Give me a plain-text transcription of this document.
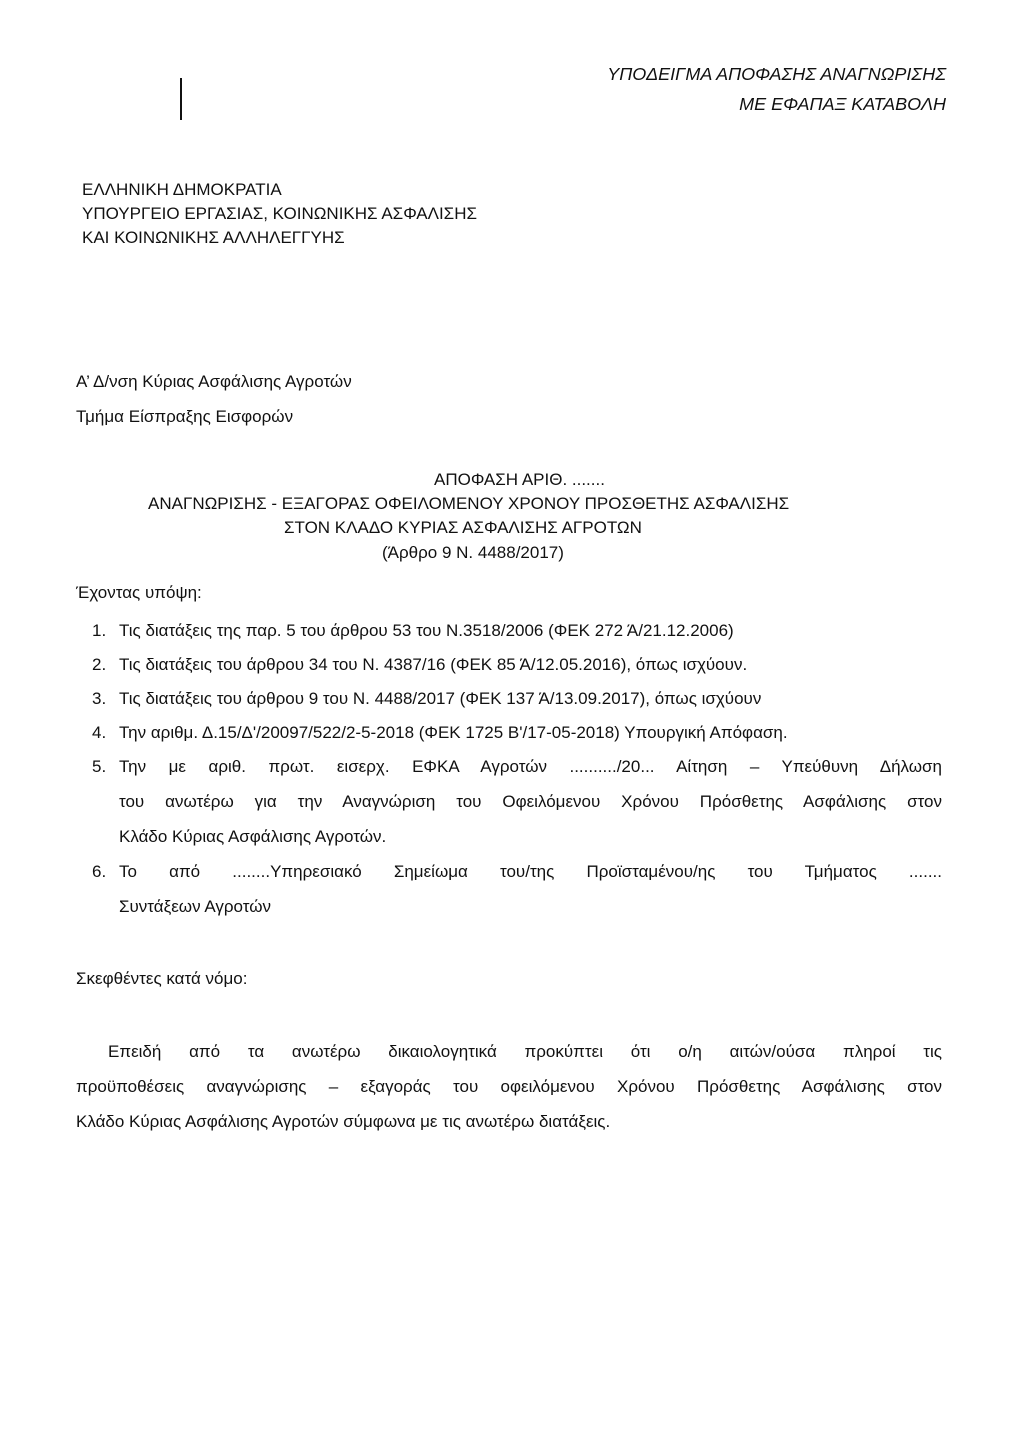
ΥΠΟΔΕΙΓΜΑ ΑΠΟΦΑΣΗΣ ΑΝΑΓΝΩΡΙΣΗΣ
ΜΕ ΕΦΑΠΑΞ ΚΑΤΑΒΟΛΗ
ΕΛΛΗΝΙΚΗ ΔΗΜΟΚΡΑΤΙΑ
ΥΠΟΥΡΓΕΙΟ ΕΡΓΑΣΙΑΣ, ΚΟΙΝΩΝΙΚΗΣ ΑΣΦΑΛΙΣΗΣ
ΚΑΙ ΚΟΙΝΩΝΙΚΗΣ ΑΛΛΗΛΕΓΓΥΗΣ
Α’ Δ/νση Κύριας Ασφάλισης Αγροτών
Τμήμα Είσπραξης Εισφορών
ΑΠΟΦΑΣΗ ΑΡΙΘ. .......
ΑΝΑΓΝΩΡΙΣΗΣ - ΕΞΑΓΟΡΑΣ ΟΦΕΙΛΟΜΕΝΟΥ ΧΡΟΝΟΥ ΠΡΟΣΘΕΤΗΣ ΑΣΦΑΛΙΣΗΣ
ΣΤΟΝ ΚΛΑΔΟ ΚΥΡΙΑΣ ΑΣΦΑΛΙΣΗΣ ΑΓΡΟΤΩΝ
(Άρθρο 9 Ν. 4488/2017)
Έχοντας υπόψη:
1. Τις διατάξεις της παρ. 5 του άρθρου 53 του Ν.3518/2006 (ΦΕΚ 272 Ά/21.12.2006)
2. Τις διατάξεις του άρθρου 34 του Ν. 4387/16 (ΦΕΚ 85 Ά/12.05.2016), όπως ισχύουν.
3. Τις διατάξεις του άρθρου 9 του Ν. 4488/2017 (ΦΕΚ 137 Ά/13.09.2017), όπως ισχύουν
4. Την αριθμ. Δ.15/Δ'/20097/522/2-5-2018 (ΦΕΚ 1725 Β'/17-05-2018) Υπουργική Απόφαση.
5. Την με αριθ. πρωτ. εισερχ. ΕΦΚΑ Αγροτών ........../20... Αίτηση – Υπεύθυνη Δήλωση
του ανωτέρω για την Αναγνώριση του Οφειλόμενου Χρόνου Πρόσθετης Ασφάλισης στον
Κλάδο Κύριας Ασφάλισης Αγροτών.
6. Το από ........Υπηρεσιακό Σημείωμα του/της Προϊσταμένου/ης του Τμήματος .......
Συντάξεων Αγροτών
Σκεφθέντες κατά νόμο:
Επειδή από τα ανωτέρω δικαιολογητικά προκύπτει ότι ο/η αιτών/ούσα πληροί τις
προϋποθέσεις αναγνώρισης – εξαγοράς του οφειλόμενου Χρόνου Πρόσθετης Ασφάλισης στον
Κλάδο Κύριας Ασφάλισης Αγροτών σύμφωνα με τις ανωτέρω διατάξεις.
